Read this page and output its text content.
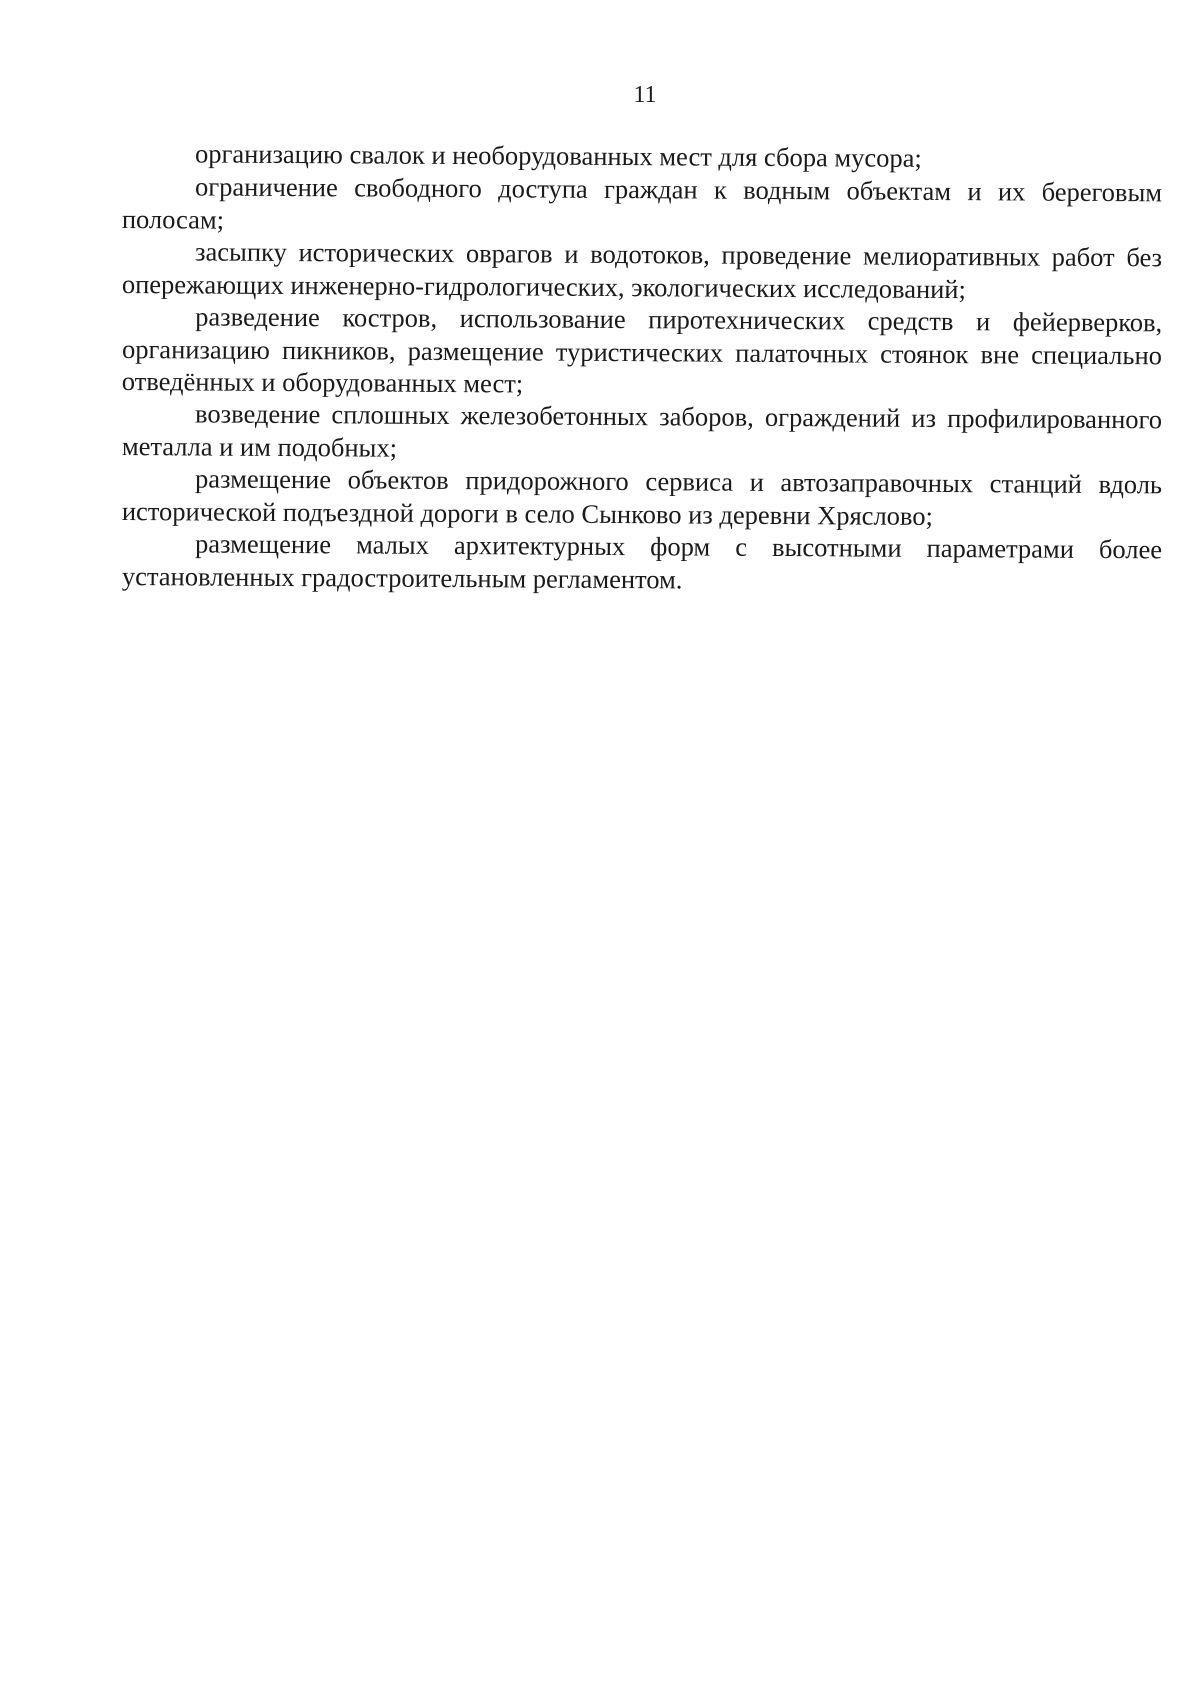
11

организацию свалок и необорудованных мест для сбора мусора;

ограничение свободного доступа граждан к водным объектам и их береговым полосам;

засыпку исторических оврагов и водотоков, проведение мелиоративных работ без опережающих инженерно-гидрологических, экологических исследований;

разведение костров, использование пиротехнических средств и фейерверков, организацию пикников, размещение туристических палаточных стоянок вне специально отведённых и оборудованных мест;

возведение сплошных железобетонных заборов, ограждений из профилированного металла и им подобных;

размещение объектов придорожного сервиса и автозаправочных станций вдоль исторической подъездной дороги в село Сынково из деревни Хряслово;

размещение малых архитектурных форм с высотными параметрами более установленных градостроительным регламентом.
